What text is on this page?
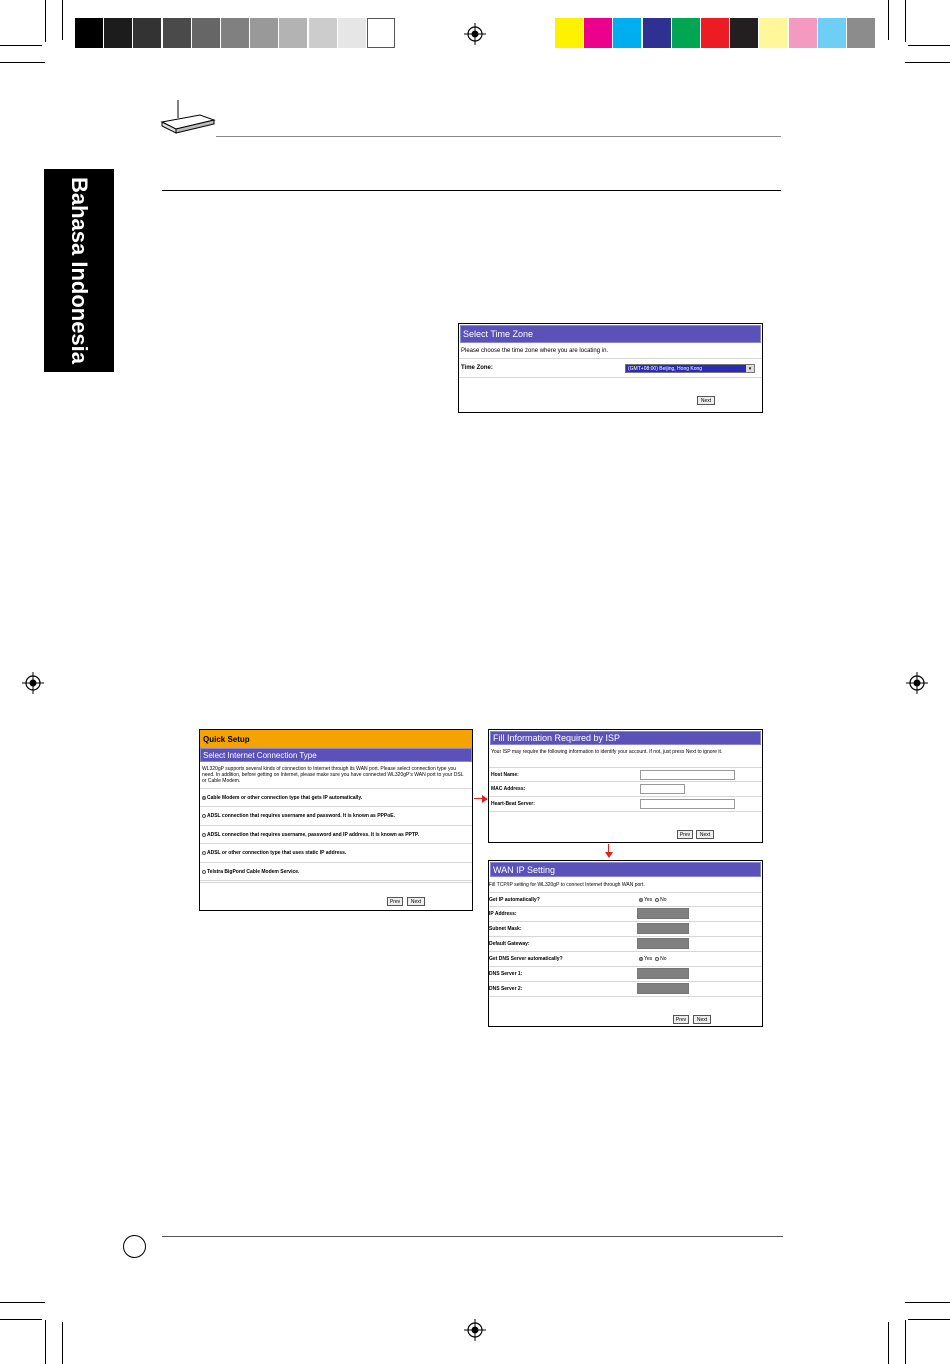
Bahasa Indonesia	Select Time Zone
Please choose the time zone where you are locating in.
Time Zone:	(GMT+08:00) Beijing, Hong Kong	▾
Next
Quick Setup
Select Internet Connection Type
WL320gP supports several kinds of connection to Internet through its WAN port. Please select connection type you need. In addition, before getting on Internet, please make sure you have connected WL320gP's WAN port to your DSL or Cable Modem.
Cable Modem or other connection type that gets IP automatically.
ADSL connection that requires username and password. It is known as PPPoE.
ADSL connection that requires username, password and IP address. It is known as PPTP.
ADSL or other connection type that uses static IP address.
Telstra BigPond Cable Modem Service.
Prev	Next
Fill Information Required by ISP
Your ISP may require the following information to identify your account. If not, just press Next to ignore it.
Host Name:
MAC Address:
Heart-Beat Server:
Prev	Next
WAN IP Setting
Fill TCP/IP setting for WL320gP to connect Internet through WAN port.
Get IP automatically?	Yes No
IP Address:
Subnet Mask:
Default Gateway:
Get DNS Server automatically?	Yes No
DNS Server 1:
DNS Server 2:
Prev	Next
